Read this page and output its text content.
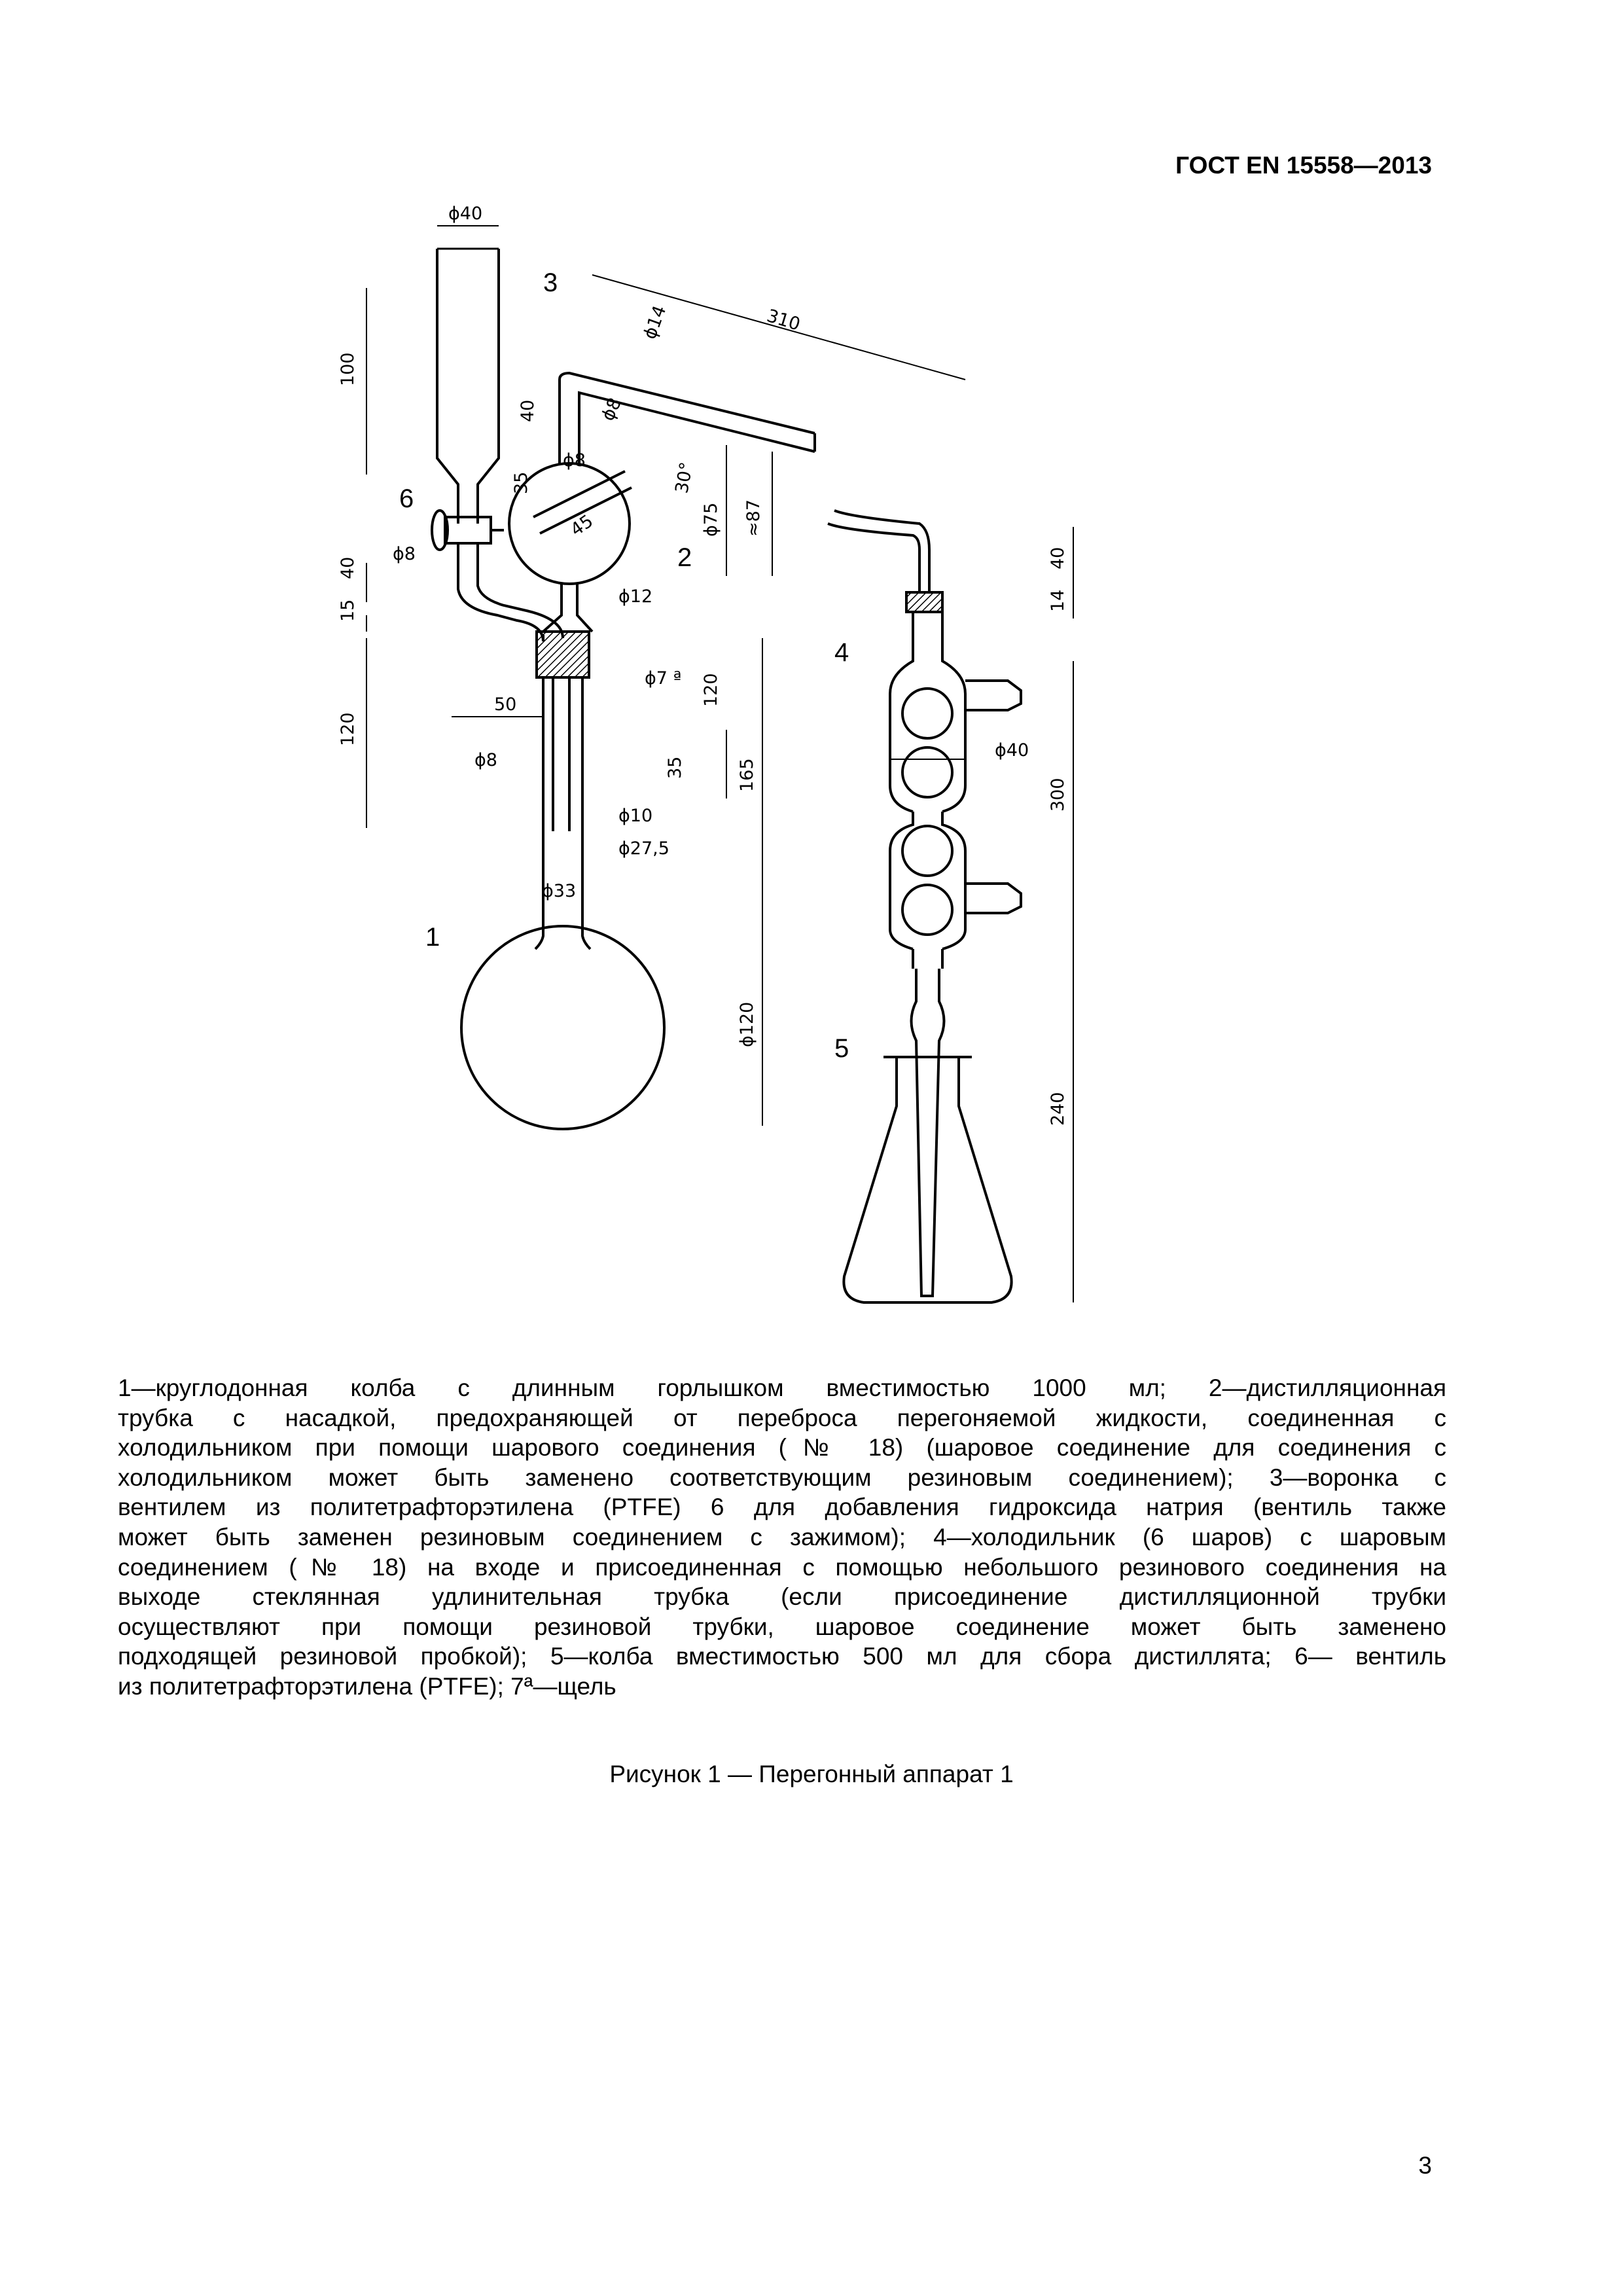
ГОСТ EN 15558—2013
ϕ40
100
40
ϕ8
15
120
50
ϕ8
ϕ10
ϕ27,5
ϕ33
ϕ120
40
ϕ14	310
ϕ8
ϕ8
35
45
30°
ϕ75 ≈87
ϕ12
ϕ7 ª 120
35	165
40
14
ϕ40
300
240
1
2
3
4
5
6
1—круглодонная колба с длинным горлышком вместимостью 1000 мл; 2—дистилляционная
трубка с насадкой, предохраняющей от переброса перегоняемой жидкости, соединенная с
холодильником при помощи шарового соединения (№ 18) (шаровое соединение для соединения с
холодильником может быть заменено соответствующим резиновым соединением); 3—воронка с
вентилем из политетрафторэтилена (PTFE) 6 для добавления гидроксида натрия (вентиль также
может быть заменен резиновым соединением с зажимом); 4—холодильник (6 шаров) с шаровым
соединением (№ 18) на входе и присоединенная с помощью небольшого резинового соединения на
выходе стеклянная удлинительная трубка (если присоединение дистилляционной трубки
осуществляют при помощи резиновой трубки, шаровое соединение может быть заменено
подходящей резиновой пробкой); 5—колба вместимостью 500 мл для сбора дистиллята; 6— вентиль
из политетрафторэтилена (PTFE); 7ª—щель
Рисунок 1 — Перегонный аппарат 1
3
